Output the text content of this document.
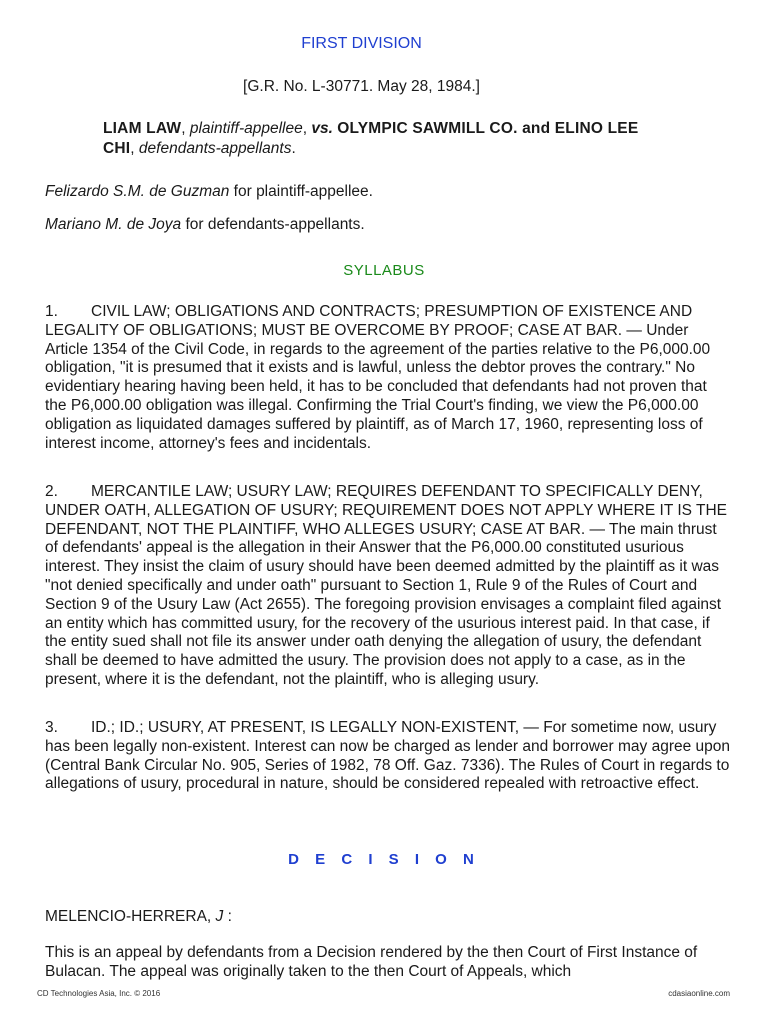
FIRST DIVISION
[G.R. No. L-30771. May 28, 1984.]
LIAM LAW, plaintiff-appellee, vs. OLYMPIC SAWMILL CO. and ELINO LEE CHI, defendants-appellants.
Felizardo S.M. de Guzman for plaintiff-appellee.
Mariano M. de Joya for defendants-appellants.
SYLLABUS
1. CIVIL LAW; OBLIGATIONS AND CONTRACTS; PRESUMPTION OF EXISTENCE AND LEGALITY OF OBLIGATIONS; MUST BE OVERCOME BY PROOF; CASE AT BAR. — Under Article 1354 of the Civil Code, in regards to the agreement of the parties relative to the P6,000.00 obligation, "it is presumed that it exists and is lawful, unless the debtor proves the contrary." No evidentiary hearing having been held, it has to be concluded that defendants had not proven that the P6,000.00 obligation was illegal. Confirming the Trial Court's finding, we view the P6,000.00 obligation as liquidated damages suffered by plaintiff, as of March 17, 1960, representing loss of interest income, attorney's fees and incidentals.
2. MERCANTILE LAW; USURY LAW; REQUIRES DEFENDANT TO SPECIFICALLY DENY, UNDER OATH, ALLEGATION OF USURY; REQUIREMENT DOES NOT APPLY WHERE IT IS THE DEFENDANT, NOT THE PLAINTIFF, WHO ALLEGES USURY; CASE AT BAR. — The main thrust of defendants' appeal is the allegation in their Answer that the P6,000.00 constituted usurious interest. They insist the claim of usury should have been deemed admitted by the plaintiff as it was "not denied specifically and under oath" pursuant to Section 1, Rule 9 of the Rules of Court and Section 9 of the Usury Law (Act 2655). The foregoing provision envisages a complaint filed against an entity which has committed usury, for the recovery of the usurious interest paid. In that case, if the entity sued shall not file its answer under oath denying the allegation of usury, the defendant shall be deemed to have admitted the usury. The provision does not apply to a case, as in the present, where it is the defendant, not the plaintiff, who is alleging usury.
3. ID.; ID.; USURY, AT PRESENT, IS LEGALLY NON-EXISTENT, — For sometime now, usury has been legally non-existent. Interest can now be charged as lender and borrower may agree upon (Central Bank Circular No. 905, Series of 1982, 78 Off. Gaz. 7336). The Rules of Court in regards to allegations of usury, procedural in nature, should be considered repealed with retroactive effect.
D E C I S I O N
MELENCIO-HERRERA, J :
This is an appeal by defendants from a Decision rendered by the then Court of First Instance of Bulacan. The appeal was originally taken to the then Court of Appeals, which
CD Technologies Asia, Inc. © 2016	cdasiaonline.com
